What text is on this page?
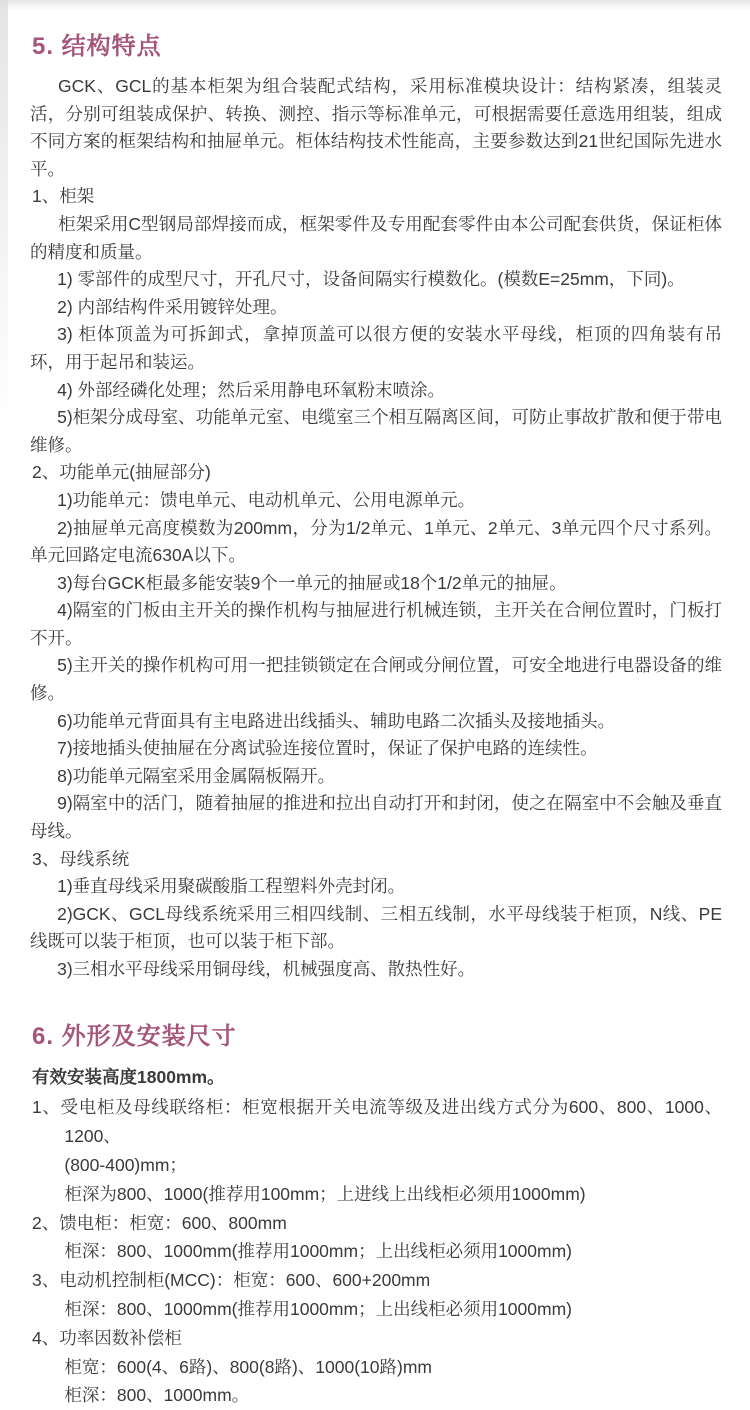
5. 结构特点

GCK、GCL的基本柜架为组合装配式结构，采用标准模块设计：结构紧凑，组装灵活，分别可组装成保护、转换、测控、指示等标准单元，可根据需要任意选用组装，组成不同方案的框架结构和抽屉单元。柜体结构技术性能高，主要参数达到21世纪国际先进水平。

1、柜架

柜架采用C型钢局部焊接而成，框架零件及专用配套零件由本公司配套供货，保证柜体的精度和质量。

1) 零部件的成型尺寸，开孔尺寸，设备间隔实行模数化。(模数E=25mm，下同)。

2) 内部结构件采用镀锌处理。

3) 柜体顶盖为可拆卸式，拿掉顶盖可以很方便的安装水平母线，柜顶的四角装有吊环，用于起吊和装运。

4) 外部经磷化处理；然后采用静电环氧粉末喷涂。

5)柜架分成母室、功能单元室、电缆室三个相互隔离区间，可防止事故扩散和便于带电维修。

2、功能单元(抽屉部分)

1)功能单元：馈电单元、电动机单元、公用电源单元。

2)抽屉单元高度模数为200mm，分为1/2单元、1单元、2单元、3单元四个尺寸系列。单元回路定电流630A以下。

3)每台GCK柜最多能安装9个一单元的抽屉或18个1/2单元的抽屉。

4)隔室的门板由主开关的操作机构与抽屉进行机械连锁，主开关在合闸位置时，门板打不开。

5)主开关的操作机构可用一把挂锁锁定在合闸或分闸位置，可安全地进行电器设备的维修。

6)功能单元背面具有主电路进出线插头、辅助电路二次插头及接地插头。

7)接地插头使抽屉在分离试验连接位置时，保证了保护电路的连续性。

8)功能单元隔室采用金属隔板隔开。

9)隔室中的活门，随着抽屉的推进和拉出自动打开和封闭，使之在隔室中不会触及垂直母线。

3、母线系统

1)垂直母线采用聚碳酸脂工程塑料外壳封闭。

2)GCK、GCL母线系统采用三相四线制、三相五线制，水平母线装于柜顶，N线、PE线既可以装于柜顶，也可以装于柜下部。

3)三相水平母线采用铜母线，机械强度高、散热性好。

6. 外形及安装尺寸

有效安装高度1800mm。

1、受电柜及母线联络柜：柜宽根据开关电流等级及进出线方式分为600、800、1000、1200、

(800-400)mm；

柜深为800、1000(推荐用100mm；上进线上出线柜必须用1000mm)

2、馈电柜：柜宽：600、800mm

柜深：800、1000mm(推荐用1000mm；上出线柜必须用1000mm)

3、电动机控制柜(MCC)：柜宽：600、600+200mm

柜深：800、1000mm(推荐用1000mm；上出线柜必须用1000mm)

4、功率因数补偿柜

柜宽：600(4、6路)、800(8路)、1000(10路)mm

柜深：800、1000mm。
